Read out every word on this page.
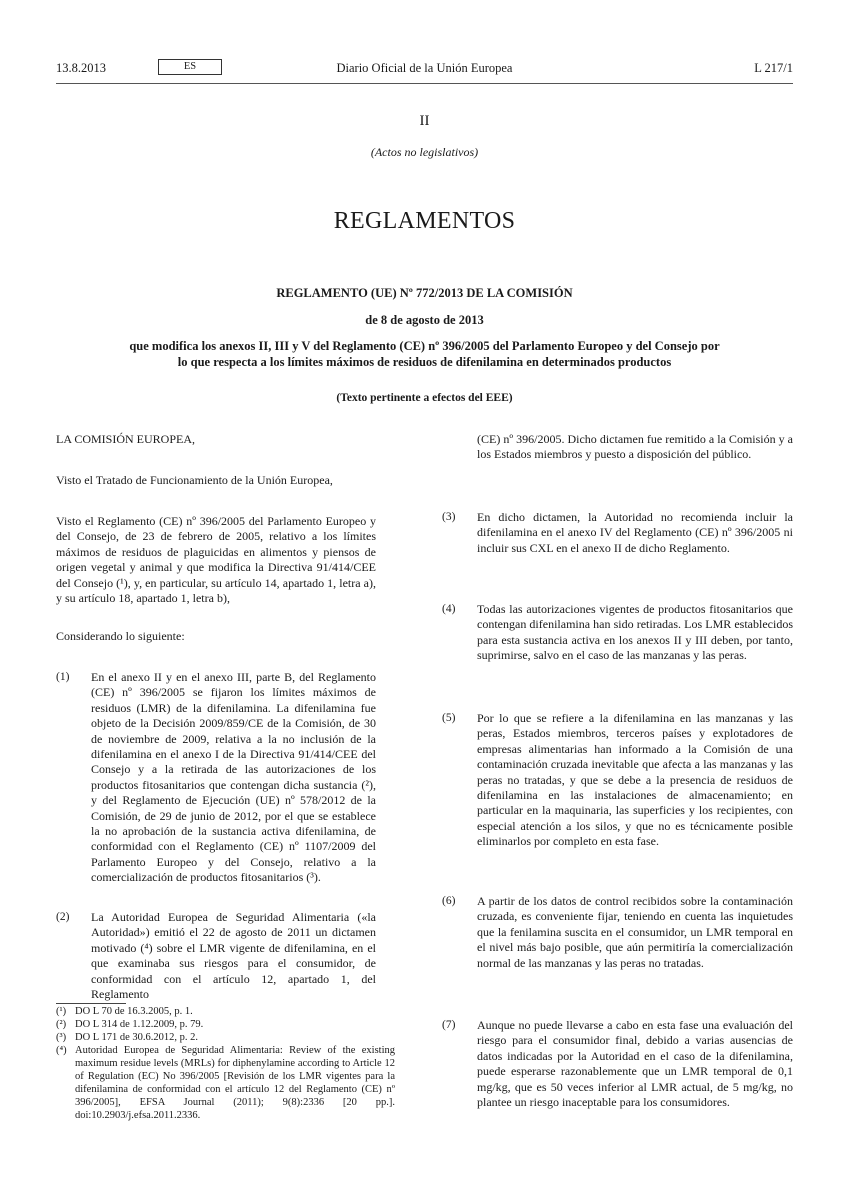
13.8.2013	ES	Diario Oficial de la Unión Europea	L 217/1
II
(Actos no legislativos)
REGLAMENTOS
REGLAMENTO (UE) Nº 772/2013 DE LA COMISIÓN
de 8 de agosto de 2013
que modifica los anexos II, III y V del Reglamento (CE) nº 396/2005 del Parlamento Europeo y del Consejo por lo que respecta a los límites máximos de residuos de difenilamina en determinados productos
(Texto pertinente a efectos del EEE)
LA COMISIÓN EUROPEA,
Visto el Tratado de Funcionamiento de la Unión Europea,
Visto el Reglamento (CE) nº 396/2005 del Parlamento Europeo y del Consejo, de 23 de febrero de 2005, relativo a los límites máximos de residuos de plaguicidas en alimentos y piensos de origen vegetal y animal y que modifica la Directiva 91/414/CEE del Consejo (¹), y, en particular, su artículo 14, apartado 1, letra a), y su artículo 18, apartado 1, letra b),
Considerando lo siguiente:
(1) En el anexo II y en el anexo III, parte B, del Reglamento (CE) nº 396/2005 se fijaron los límites máximos de residuos (LMR) de la difenilamina. La difenilamina fue objeto de la Decisión 2009/859/CE de la Comisión, de 30 de noviembre de 2009, relativa a la no inclusión de la difenilamina en el anexo I de la Directiva 91/414/CEE del Consejo y a la retirada de las autorizaciones de los productos fitosanitarios que contengan dicha sustancia (²), y del Reglamento de Ejecución (UE) nº 578/2012 de la Comisión, de 29 de junio de 2012, por el que se establece la no aprobación de la sustancia activa difenilamina, de conformidad con el Reglamento (CE) nº 1107/2009 del Parlamento Europeo y del Consejo, relativo a la comercialización de productos fitosanitarios (³).
(2) La Autoridad Europea de Seguridad Alimentaria («la Autoridad») emitió el 22 de agosto de 2011 un dictamen motivado (⁴) sobre el LMR vigente de difenilamina, en el que examinaba sus riesgos para el consumidor, de conformidad con el artículo 12, apartado 1, del Reglamento
(¹) DO L 70 de 16.3.2005, p. 1.
(²) DO L 314 de 1.12.2009, p. 79.
(³) DO L 171 de 30.6.2012, p. 2.
(⁴) Autoridad Europea de Seguridad Alimentaria: Review of the existing maximum residue levels (MRLs) for diphenylamine according to Article 12 of Regulation (EC) No 396/2005 [Revisión de los LMR vigentes para la difenilamina de conformidad con el artículo 12 del Reglamento (CE) nº 396/2005], EFSA Journal (2011); 9(8):2336 [20 pp.]. doi:10.2903/j.efsa.2011.2336.
(CE) nº 396/2005. Dicho dictamen fue remitido a la Comisión y a los Estados miembros y puesto a disposición del público.
(3) En dicho dictamen, la Autoridad no recomienda incluir la difenilamina en el anexo IV del Reglamento (CE) nº 396/2005 ni incluir sus CXL en el anexo II de dicho Reglamento.
(4) Todas las autorizaciones vigentes de productos fitosanitarios que contengan difenilamina han sido retiradas. Los LMR establecidos para esta sustancia activa en los anexos II y III deben, por tanto, suprimirse, salvo en el caso de las manzanas y las peras.
(5) Por lo que se refiere a la difenilamina en las manzanas y las peras, Estados miembros, terceros países y explotadores de empresas alimentarias han informado a la Comisión de una contaminación cruzada inevitable que afecta a las manzanas y las peras no tratadas, y que se debe a la presencia de residuos de difenilamina en las instalaciones de almacenamiento; en particular en la maquinaria, las superficies y los recipientes, con especial atención a los silos, y que no es técnicamente posible eliminarlos por completo en esta fase.
(6) A partir de los datos de control recibidos sobre la contaminación cruzada, es conveniente fijar, teniendo en cuenta las inquietudes que la fenilamina suscita en el consumidor, un LMR temporal en el nivel más bajo posible, que aún permitiría la comercialización normal de las manzanas y las peras no tratadas.
(7) Aunque no puede llevarse a cabo en esta fase una evaluación del riesgo para el consumidor final, debido a varias ausencias de datos indicadas por la Autoridad en el caso de la difenilamina, puede esperarse razonablemente que un LMR temporal de 0,1 mg/kg, que es 50 veces inferior al LMR actual, de 5 mg/kg, no plantee un riesgo inaceptable para los consumidores.
